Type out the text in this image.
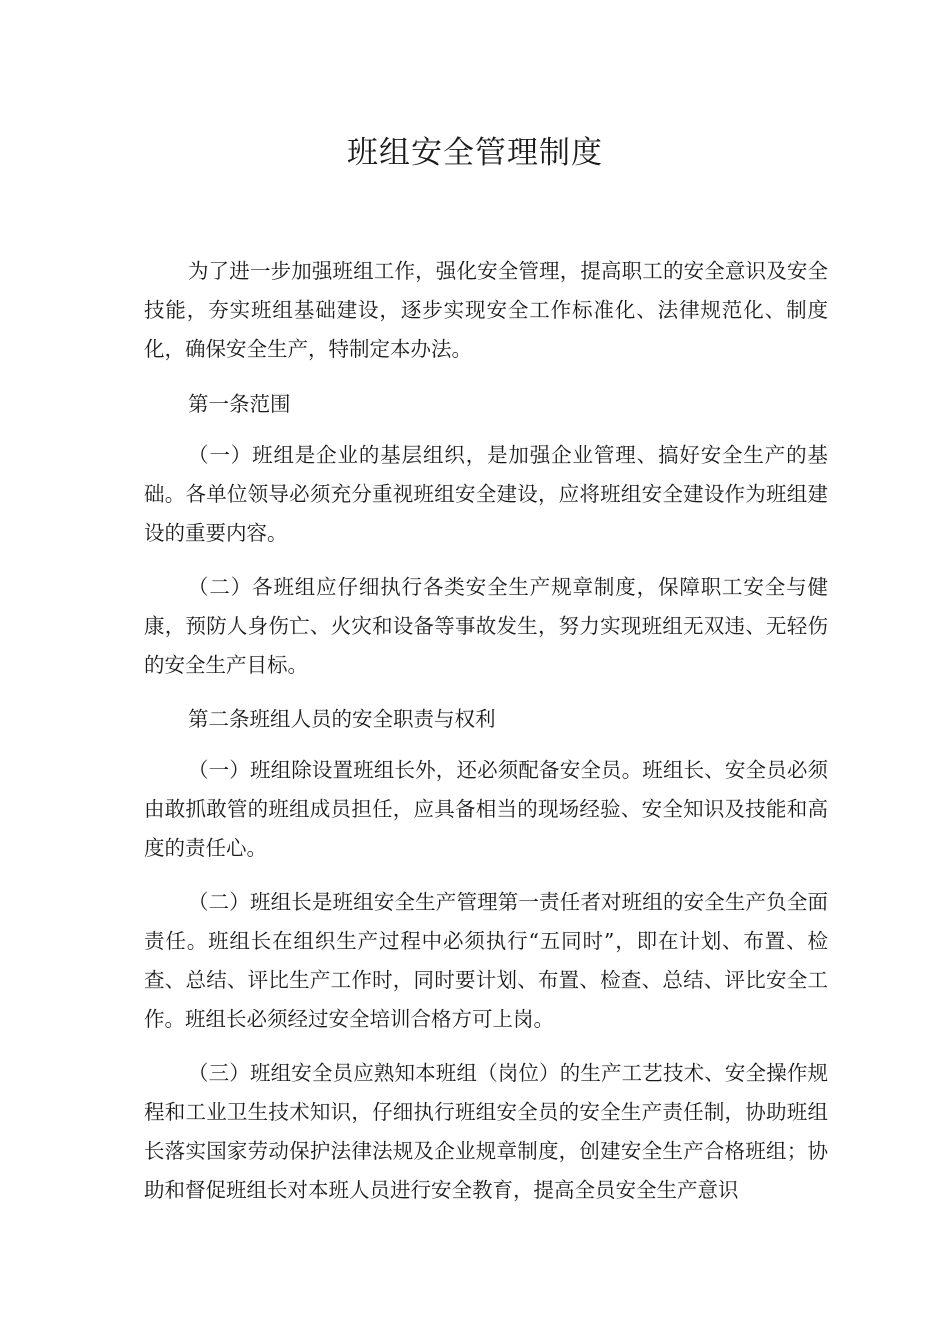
班组安全管理制度

为了进一步加强班组工作，强化安全管理，提高职工的安全意识及安全技能，夯实班组基础建设，逐步实现安全工作标准化、法律规范化、制度化，确保安全生产，特制定本办法。

第一条范围

（一）班组是企业的基层组织，是加强企业管理、搞好安全生产的基础。各单位领导必须充分重视班组安全建设，应将班组安全建设作为班组建设的重要内容。

（二）各班组应仔细执行各类安全生产规章制度，保障职工安全与健康，预防人身伤亡、火灾和设备等事故发生，努力实现班组无双违、无轻伤的安全生产目标。

第二条班组人员的安全职责与权利

（一）班组除设置班组长外，还必须配备安全员。班组长、安全员必须由敢抓敢管的班组成员担任，应具备相当的现场经验、安全知识及技能和高度的责任心。

（二）班组长是班组安全生产管理第一责任者对班组的安全生产负全面责任。班组长在组织生产过程中必须执行“五同时”，即在计划、布置、检查、总结、评比生产工作时，同时要计划、布置、检查、总结、评比安全工作。班组长必须经过安全培训合格方可上岗。

（三）班组安全员应熟知本班组（岗位）的生产工艺技术、安全操作规程和工业卫生技术知识，仔细执行班组安全员的安全生产责任制，协助班组长落实国家劳动保护法律法规及企业规章制度，创建安全生产合格班组；协助和督促班组长对本班人员进行安全教育，提高全员安全生产意识
